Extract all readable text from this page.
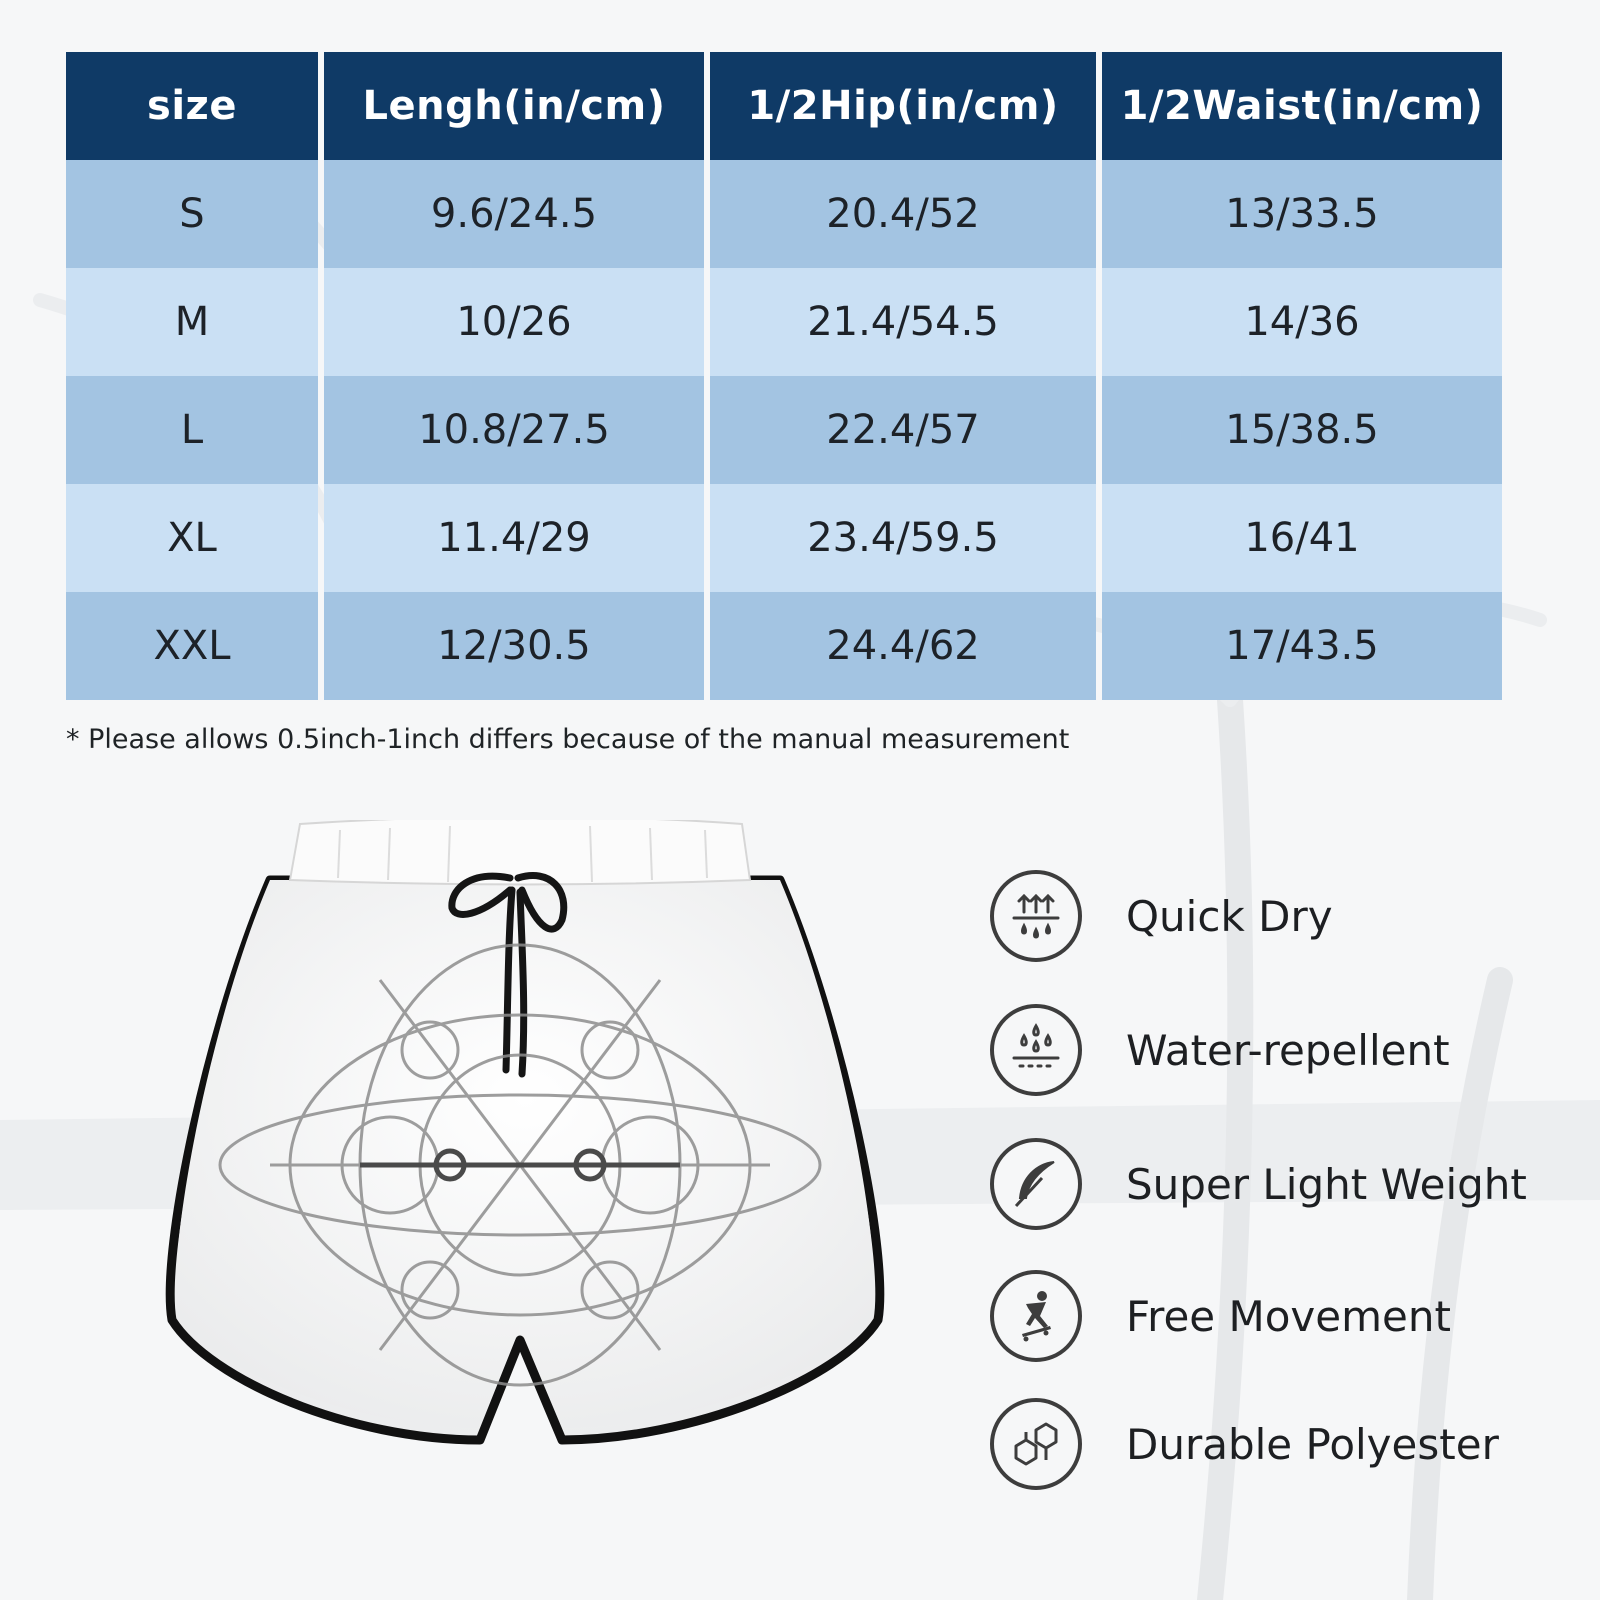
size	Lengh(in/cm)	1/2Hip(in/cm)	1/2Waist(in/cm)
S	9.6/24.5	20.4/52	13/33.5
M	10/26	21.4/54.5	14/36
L	10.8/27.5	22.4/57	15/38.5
XL	11.4/29	23.4/59.5	16/41
XXL	12/30.5	24.4/62	17/43.5
* Please allows 0.5inch-1inch differs because of the manual measurement
Quick Dry
Water-repellent
Super Light Weight
Free Movement
Durable Polyester
